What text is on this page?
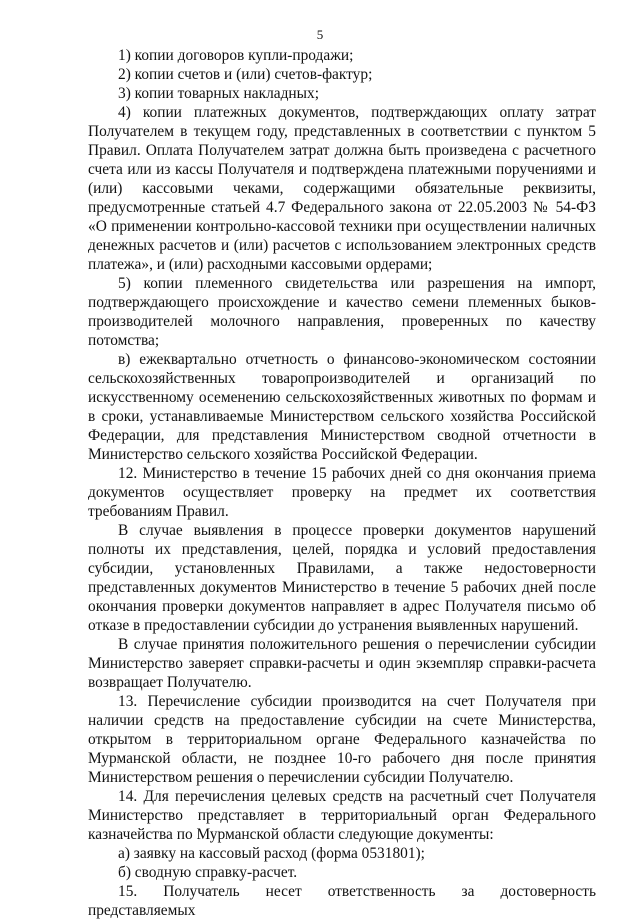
5

1) копии договоров купли-продажи;

2) копии счетов и (или) счетов-фактур;

3) копии товарных накладных;

4) копии платежных документов, подтверждающих оплату затрат Получателем в текущем году, представленных в соответствии с пунктом 5 Правил. Оплата Получателем затрат должна быть произведена с расчетного счета или из кассы Получателя и подтверждена платежными поручениями и (или) кассовыми чеками, содержащими обязательные реквизиты, предусмотренные статьей 4.7 Федерального закона от 22.05.2003 № 54-ФЗ «О применении контрольно-кассовой техники при осуществлении наличных денежных расчетов и (или) расчетов с использованием электронных средств платежа», и (или) расходными кассовыми ордерами;

5) копии племенного свидетельства или разрешения на импорт, подтверждающего происхождение и качество семени племенных быков-производителей молочного направления, проверенных по качеству потомства;

в) ежеквартально отчетность о финансово-экономическом состоянии сельскохозяйственных товаропроизводителей и организаций по искусственному осеменению сельскохозяйственных животных по формам и в сроки, устанавливаемые Министерством сельского хозяйства Российской Федерации, для представления Министерством сводной отчетности в Министерство сельского хозяйства Российской Федерации.

12. Министерство в течение 15 рабочих дней со дня окончания приема документов осуществляет проверку на предмет их соответствия требованиям Правил.

В случае выявления в процессе проверки документов нарушений полноты их представления, целей, порядка и условий предоставления субсидии, установленных Правилами, а также недостоверности представленных документов Министерство в течение 5 рабочих дней после окончания проверки документов направляет в адрес Получателя письмо об отказе в предоставлении субсидии до устранения выявленных нарушений.

В случае принятия положительного решения о перечислении субсидии Министерство заверяет справки-расчеты и один экземпляр справки-расчета возвращает Получателю.

13. Перечисление субсидии производится на счет Получателя при наличии средств на предоставление субсидии на счете Министерства, открытом в территориальном органе Федерального казначейства по Мурманской области, не позднее 10-го рабочего дня после принятия Министерством решения о перечислении субсидии Получателю.

14. Для перечисления целевых средств на расчетный счет Получателя Министерство представляет в территориальный орган Федерального казначейства по Мурманской области следующие документы:

а) заявку на кассовый расход (форма 0531801);

б) сводную справку-расчет.

15. Получатель несет ответственность за достоверность представляемых
